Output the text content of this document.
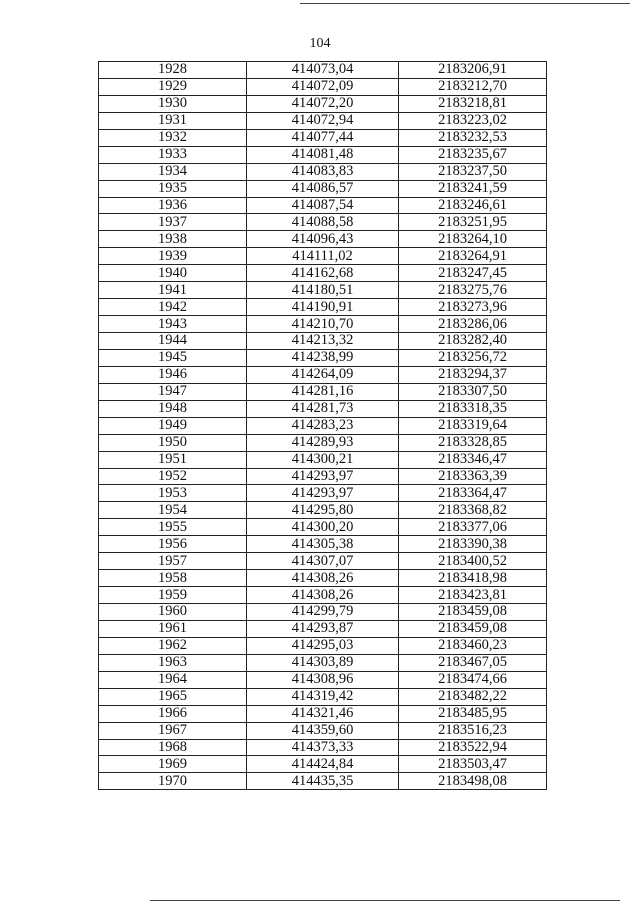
104
1928	414073,04	2183206,91
1929	414072,09	2183212,70
1930	414072,20	2183218,81
1931	414072,94	2183223,02
1932	414077,44	2183232,53
1933	414081,48	2183235,67
1934	414083,83	2183237,50
1935	414086,57	2183241,59
1936	414087,54	2183246,61
1937	414088,58	2183251,95
1938	414096,43	2183264,10
1939	414111,02	2183264,91
1940	414162,68	2183247,45
1941	414180,51	2183275,76
1942	414190,91	2183273,96
1943	414210,70	2183286,06
1944	414213,32	2183282,40
1945	414238,99	2183256,72
1946	414264,09	2183294,37
1947	414281,16	2183307,50
1948	414281,73	2183318,35
1949	414283,23	2183319,64
1950	414289,93	2183328,85
1951	414300,21	2183346,47
1952	414293,97	2183363,39
1953	414293,97	2183364,47
1954	414295,80	2183368,82
1955	414300,20	2183377,06
1956	414305,38	2183390,38
1957	414307,07	2183400,52
1958	414308,26	2183418,98
1959	414308,26	2183423,81
1960	414299,79	2183459,08
1961	414293,87	2183459,08
1962	414295,03	2183460,23
1963	414303,89	2183467,05
1964	414308,96	2183474,66
1965	414319,42	2183482,22
1966	414321,46	2183485,95
1967	414359,60	2183516,23
1968	414373,33	2183522,94
1969	414424,84	2183503,47
1970	414435,35	2183498,08
